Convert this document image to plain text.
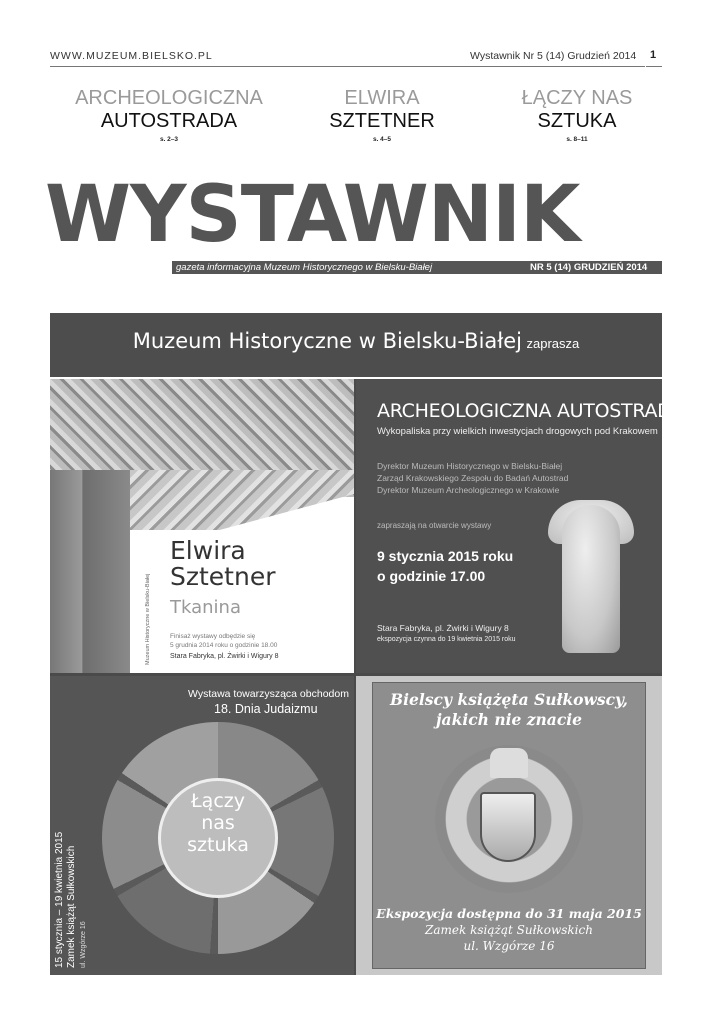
WWW.MUZEUM.BIELSKO.PL	Wystawnik Nr 5 (14) Grudzień 2014 1
ARCHEOLOGICZNA
AUTOSTRADA
s. 2–3
ELWIRA
SZTETNER
s. 4–5
ŁĄCZY NAS
SZTUKA
s. 8–11
WYSTAWNIK
gazeta informacyjna Muzeum Historycznego w Bielsku-Białej	NR 5 (14) GRUDZIEŃ 2014
Muzeum Historyczne w Bielsku-Białej zaprasza
Muzeum Historyczne w Bielsku-Białej
Elwira
Sztetner
Tkanina
Finisaż wystawy odbędzie się
5 grudnia 2014 roku o godzinie 18.00
Stara Fabryka, pl. Żwirki i Wigury 8
ARCHEOLOGICZNA AUTOSTRADA
Wykopaliska przy wielkich inwestycjach drogowych pod Krakowem
Dyrektor Muzeum Historycznego w Bielsku-Białej
Zarząd Krakowskiego Zespołu do Badań Autostrad
Dyrektor Muzeum Archeologicznego w Krakowie
zapraszają na otwarcie wystawy
9 stycznia 2015 roku
o godzinie 17.00
Stara Fabryka, pl. Żwirki i Wigury 8
ekspozycja czynna do 19 kwietnia 2015 roku
Wystawa towarzysząca obchodom
18. Dnia Judaizmu
Łączy
nas
sztuka
15 stycznia – 19 kwietnia 2015
Zamek książąt Sułkowskich ul. Wzgórze 16
Bielscy książęta Sułkowscy,
jakich nie znacie
Ekspozycja dostępna do 31 maja 2015
Zamek książąt Sułkowskich
ul. Wzgórze 16
